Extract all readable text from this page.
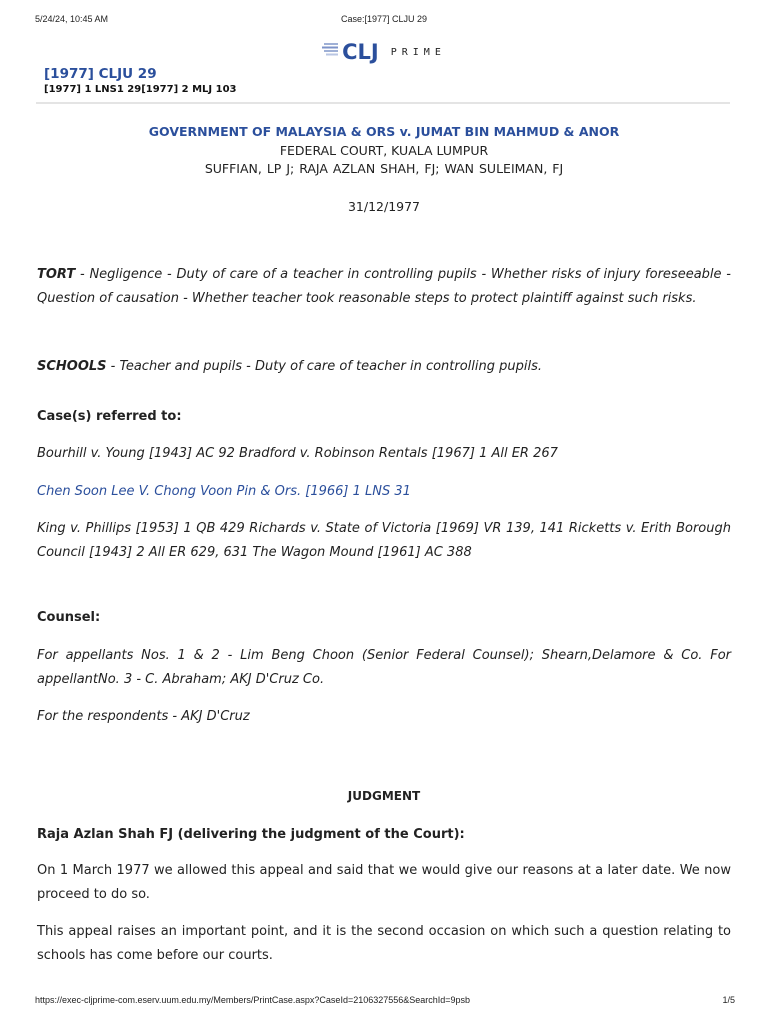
5/24/24, 10:45 AM	Case:[1977] CLJU 29
CLJ PRIME
[1977] CLJU 29
[1977] 1 LNS1 29[1977] 2 MLJ 103
GOVERNMENT OF MALAYSIA & ORS v. JUMAT BIN MAHMUD & ANOR
FEDERAL COURT, KUALA LUMPUR
SUFFIAN, LP J; RAJA AZLAN SHAH, FJ; WAN SULEIMAN, FJ
31/12/1977
TORT - Negligence - Duty of care of a teacher in controlling pupils - Whether risks of injury foreseeable - Question of causation - Whether teacher took reasonable steps to protect plaintiff against such risks.
SCHOOLS - Teacher and pupils - Duty of care of teacher in controlling pupils.
Case(s) referred to:
Bourhill v. Young [1943] AC 92 Bradford v. Robinson Rentals [1967] 1 All ER 267
Chen Soon Lee V. Chong Voon Pin & Ors. [1966] 1 LNS 31
King v. Phillips [1953] 1 QB 429 Richards v. State of Victoria [1969] VR 139, 141 Ricketts v. Erith Borough Council [1943] 2 All ER 629, 631 The Wagon Mound [1961] AC 388
Counsel:
For appellants Nos. 1 & 2 - Lim Beng Choon (Senior Federal Counsel); Shearn,Delamore & Co. For appellantNo. 3 - C. Abraham; AKJ D'Cruz Co.
For the respondents - AKJ D'Cruz
JUDGMENT
Raja Azlan Shah FJ (delivering the judgment of the Court):
On 1 March 1977 we allowed this appeal and said that we would give our reasons at a later date. We now proceed to do so.
This appeal raises an important point, and it is the second occasion on which such a question relating to schools has come before our courts.
https://exec-cljprime-com.eserv.uum.edu.my/Members/PrintCase.aspx?CaseId=2106327556&SearchId=9psb	1/5
